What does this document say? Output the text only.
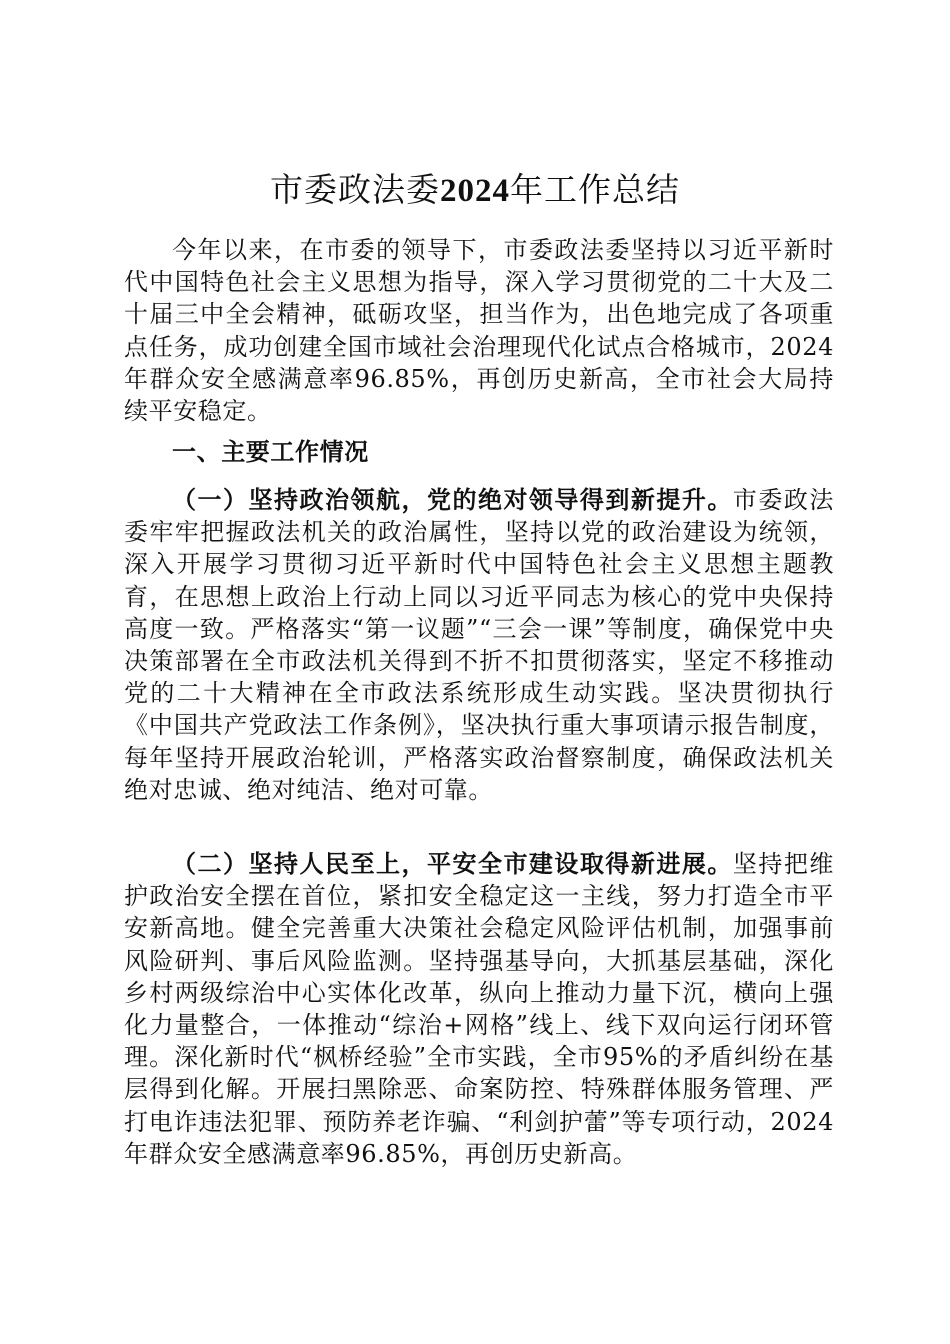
市委政法委2024年工作总结

今年以来，在市委的领导下，市委政法委坚持以习近平新时代中国特色社会主义思想为指导，深入学习贯彻党的二十大及二十届三中全会精神，砥砺攻坚，担当作为，出色地完成了各项重点任务，成功创建全国市域社会治理现代化试点合格城市，2024年群众安全感满意率96.85%，再创历史新高，全市社会大局持续平安稳定。

一、主要工作情况

（一）坚持政治领航，党的绝对领导得到新提升。市委政法委牢牢把握政法机关的政治属性，坚持以党的政治建设为统领，深入开展学习贯彻习近平新时代中国特色社会主义思想主题教育，在思想上政治上行动上同以习近平同志为核心的党中央保持高度一致。严格落实“第一议题”“三会一课”等制度，确保党中央决策部署在全市政法机关得到不折不扣贯彻落实，坚定不移推动党的二十大精神在全市政法系统形成生动实践。坚决贯彻执行《中国共产党政法工作条例》，坚决执行重大事项请示报告制度，每年坚持开展政治轮训，严格落实政治督察制度，确保政法机关绝对忠诚、绝对纯洁、绝对可靠。

（二）坚持人民至上，平安全市建设取得新进展。坚持把维护政治安全摆在首位，紧扣安全稳定这一主线，努力打造全市平安新高地。健全完善重大决策社会稳定风险评估机制，加强事前风险研判、事后风险监测。坚持强基导向，大抓基层基础，深化乡村两级综治中心实体化改革，纵向上推动力量下沉，横向上强化力量整合，一体推动“综治+网格”线上、线下双向运行闭环管理。深化新时代“枫桥经验”全市实践，全市95%的矛盾纠纷在基层得到化解。开展扫黑除恶、命案防控、特殊群体服务管理、严打电诈违法犯罪、预防养老诈骗、“利剑护蕾”等专项行动，2024年群众安全感满意率96.85%，再创历史新高。
